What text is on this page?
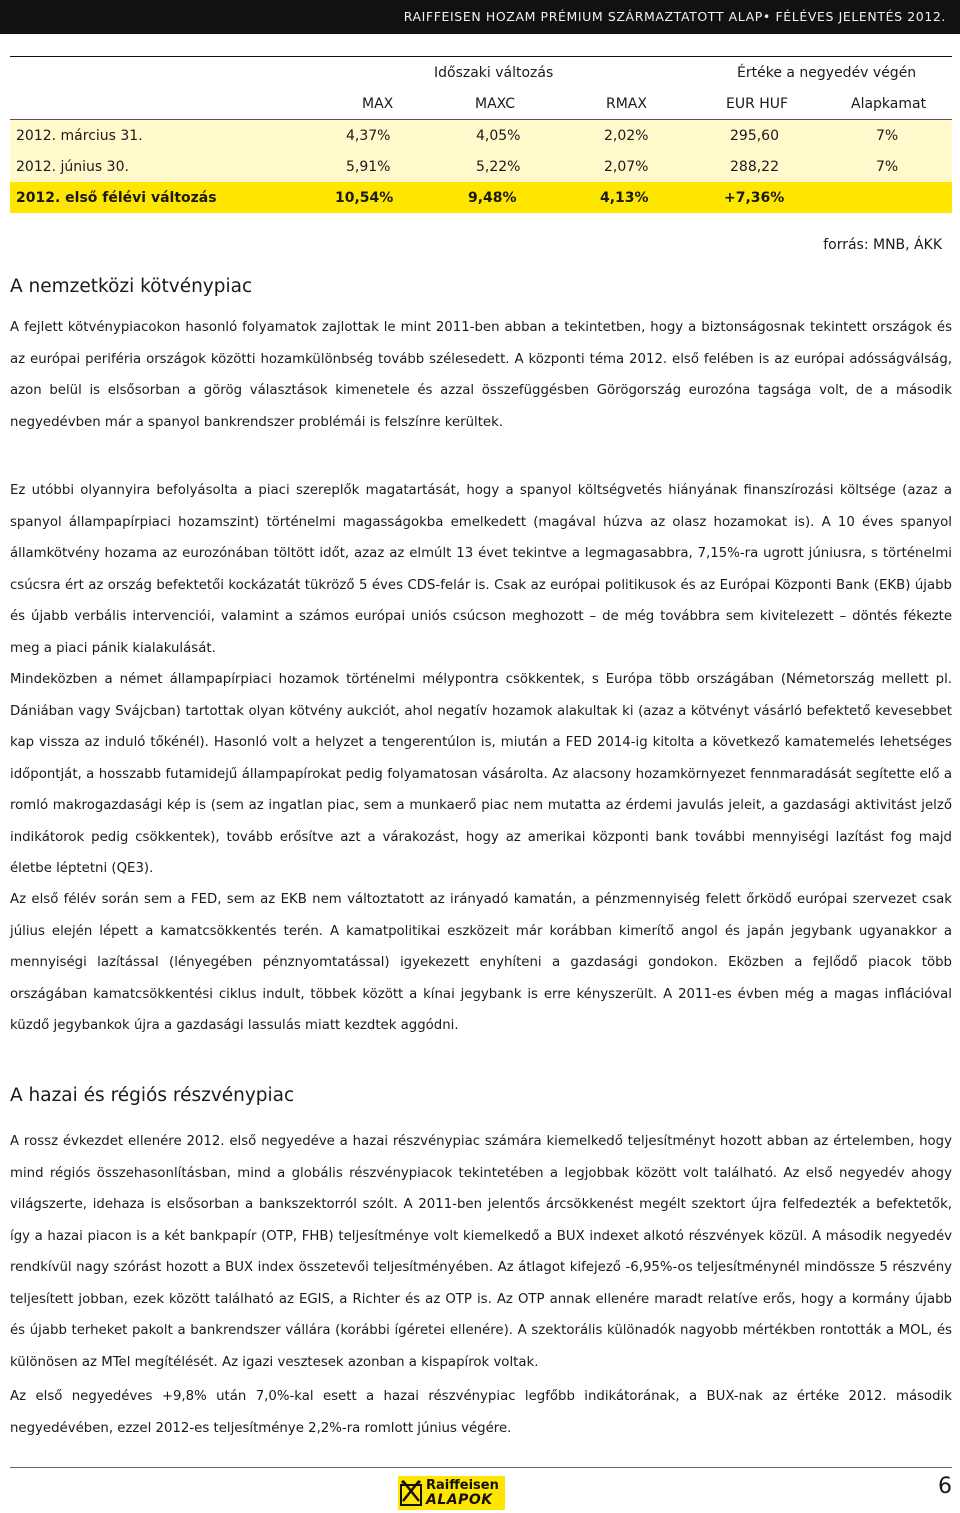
RAIFFEISEN HOZAM PRÉMIUM SZÁRMAZTATOTT ALAP• FÉLÉVES JELENTÉS 2012.
Időszaki változás	Értéke a negyedév végén
MAX	MAXC	RMAX	EUR HUF	Alapkamat
2012. március 31.	4,37%	4,05%	2,02%	295,60	7%
2012. június 30.	5,91%	5,22%	2,07%	288,22	7%
2012. első félévi változás	10,54%	9,48%	4,13%	+7,36%
forrás: MNB, ÁKK
A nemzetközi kötvénypiac

A fejlett kötvénypiacokon hasonló folyamatok zajlottak le mint 2011-ben abban a tekintetben, hogy a biztonságosnak tekintett országok és az európai periféria országok közötti hozamkülönbség tovább szélesedett. A központi téma 2012. első felében is az európai adósságválság, azon belül is elsősorban a görög választások kimenetele és azzal összefüggésben Görögország eurozóna tagsága volt, de a második negyedévben már a spanyol bankrendszer problémái is felszínre kerültek.

Ez utóbbi olyannyira befolyásolta a piaci szereplők magatartását, hogy a spanyol költségvetés hiányának finanszírozási költsége (azaz a spanyol állampapírpiaci hozamszint) történelmi magasságokba emelkedett (magával húzva az olasz hozamokat is). A 10 éves spanyol államkötvény hozama az eurozónában töltött időt, azaz az elmúlt 13 évet tekintve a legmagasabbra, 7,15%-ra ugrott júniusra, s történelmi csúcsra ért az ország befektetői kockázatát tükröző 5 éves CDS-felár is. Csak az európai politikusok és az Európai Központi Bank (EKB) újabb és újabb verbális intervenciói, valamint a számos európai uniós csúcson meghozott – de még továbbra sem kivitelezett – döntés fékezte meg a piaci pánik kialakulását.

Mindeközben a német állampapírpiaci hozamok történelmi mélypontra csökkentek, s Európa több országában (Németország mellett pl. Dániában vagy Svájcban) tartottak olyan kötvény aukciót, ahol negatív hozamok alakultak ki (azaz a kötvényt vásárló befektető kevesebbet kap vissza az induló tőkénél). Hasonló volt a helyzet a tengerentúlon is, miután a FED 2014-ig kitolta a következő kamatemelés lehetséges időpontját, a hosszabb futamidejű állampapírokat pedig folyamatosan vásárolta. Az alacsony hozamkörnyezet fennmaradását segítette elő a romló makrogazdasági kép is (sem az ingatlan piac, sem a munkaerő piac nem mutatta az érdemi javulás jeleit, a gazdasági aktivitást jelző indikátorok pedig csökkentek), tovább erősítve azt a várakozást, hogy az amerikai központi bank további mennyiségi lazítást fog majd életbe léptetni (QE3).

Az első félév során sem a FED, sem az EKB nem változtatott az irányadó kamatán, a pénzmennyiség felett őrködő európai szervezet csak július elején lépett a kamatcsökkentés terén. A kamatpolitikai eszközeit már korábban kimerítő angol és japán jegybank ugyanakkor a mennyiségi lazítással (lényegében pénznyomtatással) igyekezett enyhíteni a gazdasági gondokon. Eközben a fejlődő piacok több országában kamatcsökkentési ciklus indult, többek között a kínai jegybank is erre kényszerült. A 2011-es évben még a magas inflációval küzdő jegybankok újra a gazdasági lassulás miatt kezdtek aggódni.

A hazai és régiós részvénypiac

A rossz évkezdet ellenére 2012. első negyedéve a hazai részvénypiac számára kiemelkedő teljesítményt hozott abban az értelemben, hogy mind régiós összehasonlításban, mind a globális részvénypiacok tekintetében a legjobbak között volt található. Az első negyedév ahogy világszerte, idehaza is elsősorban a bankszektorról szólt. A 2011-ben jelentős árcsökkenést megélt szektort újra felfedezték a befektetők, így a hazai piacon is a két bankpapír (OTP, FHB) teljesítménye volt kiemelkedő a BUX indexet alkotó részvények közül. A második negyedév rendkívül nagy szórást hozott a BUX index összetevői teljesítményében. Az átlagot kifejező -6,95%-os teljesítménynél mindössze 5 részvény teljesített jobban, ezek között található az EGIS, a Richter és az OTP is. Az OTP annak ellenére maradt relatíve erős, hogy a kormány újabb és újabb terheket pakolt a bankrendszer vállára (korábbi ígéretei ellenére). A szektorális különadók nagyobb mértékben rontották a MOL, és különösen az MTel megítélését. Az igazi vesztesek azonban a kispapírok voltak.

Az első negyedéves +9,8% után 7,0%-kal esett a hazai részvénypiac legfőbb indikátorának, a BUX-nak az értéke 2012. második negyedévében, ezzel 2012-es teljesítménye 2,2%-ra romlott június végére.

Raiffeisen
ALAPOK
6
